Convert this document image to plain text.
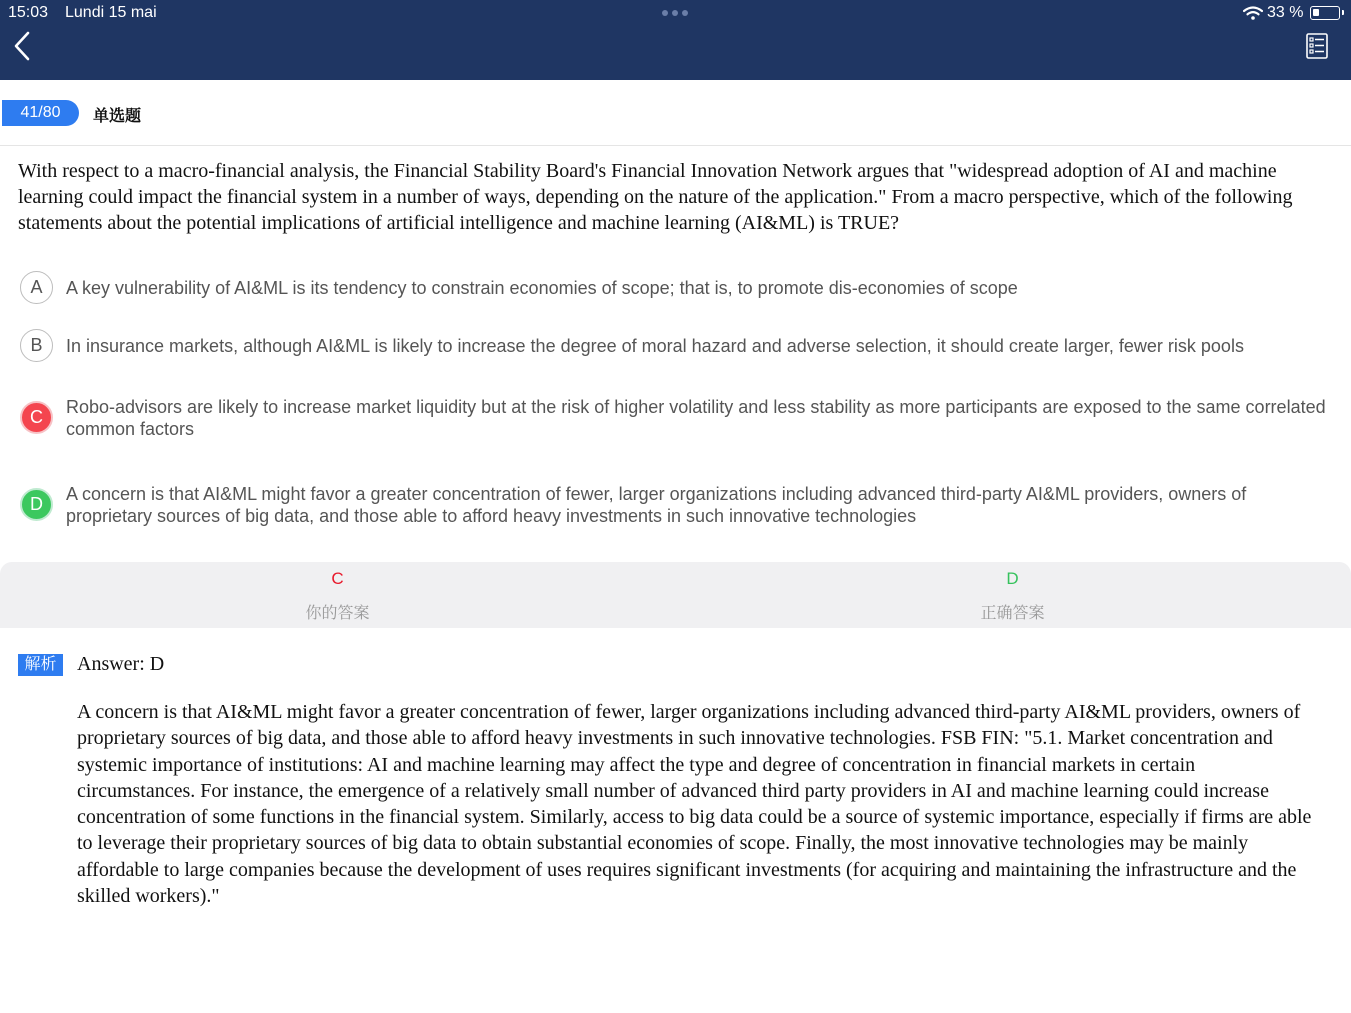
15:03 Lundi 15 mai	33 %
41/80	单选题
With respect to a macro-financial analysis, the Financial Stability Board's Financial Innovation Network argues that "widespread adoption of AI and machine learning could impact the financial system in a number of ways, depending on the nature of the application." From a macro perspective, which of the following statements about the potential implications of artificial intelligence and machine learning (AI&ML) is TRUE?
A	A key vulnerability of AI&ML is its tendency to constrain economies of scope; that is, to promote dis-economies of scope
B	In insurance markets, although AI&ML is likely to increase the degree of moral hazard and adverse selection, it should create larger, fewer risk pools
C	Robo-advisors are likely to increase market liquidity but at the risk of higher volatility and less stability as more participants are exposed to the same correlated common factors
D	A concern is that AI&ML might favor a greater concentration of fewer, larger organizations including advanced third-party AI&ML providers, owners of proprietary sources of big data, and those able to afford heavy investments in such innovative technologies
C
你的答案
D
正确答案
解析	Answer: D
A concern is that AI&ML might favor a greater concentration of fewer, larger organizations including advanced third-party AI&ML providers, owners of proprietary sources of big data, and those able to afford heavy investments in such innovative technologies. FSB FIN: "5.1. Market concentration and systemic importance of institutions: AI and machine learning may affect the type and degree of concentration in financial markets in certain circumstances. For instance, the emergence of a relatively small number of advanced third party providers in AI and machine learning could increase concentration of some functions in the financial system. Similarly, access to big data could be a source of systemic importance, especially if firms are able to leverage their proprietary sources of big data to obtain substantial economies of scope. Finally, the most innovative technologies may be mainly affordable to large companies because the development of uses requires significant investments (for acquiring and maintaining the infrastructure and the skilled workers)."
